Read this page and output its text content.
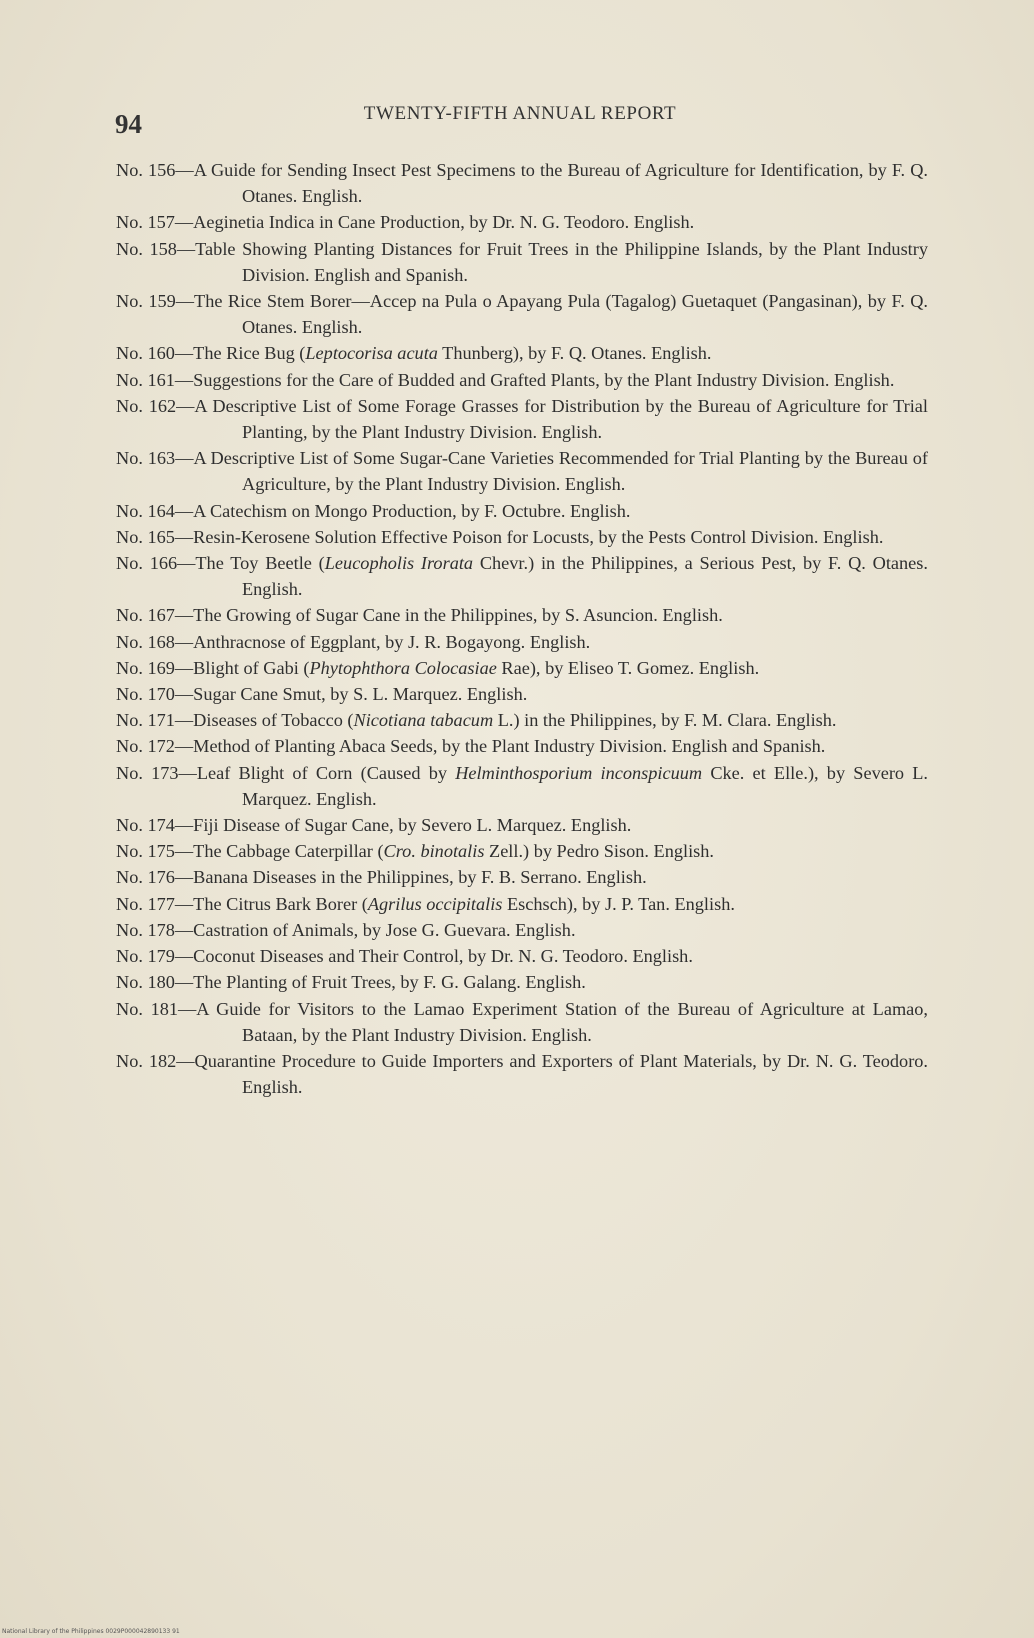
94	TWENTY-FIFTH ANNUAL REPORT

No. 156—A Guide for Sending Insect Pest Specimens to the Bureau of Agriculture for Identification, by F. Q. Otanes. English.

No. 157—Aeginetia Indica in Cane Production, by Dr. N. G. Teodoro. English.

No. 158—Table Showing Planting Distances for Fruit Trees in the Philippine Islands, by the Plant Industry Division. English and Spanish.

No. 159—The Rice Stem Borer—Accep na Pula o Apayang Pula (Tagalog) Guetaquet (Pangasinan), by F. Q. Otanes. English.

No. 160—The Rice Bug (Leptocorisa acuta Thunberg), by F. Q. Otanes. English.

No. 161—Suggestions for the Care of Budded and Grafted Plants, by the Plant Industry Division. English.

No. 162—A Descriptive List of Some Forage Grasses for Distribution by the Bureau of Agriculture for Trial Planting, by the Plant Industry Division. English.

No. 163—A Descriptive List of Some Sugar-Cane Varieties Recommended for Trial Planting by the Bureau of Agriculture, by the Plant Industry Division. English.

No. 164—A Catechism on Mongo Production, by F. Octubre. English.

No. 165—Resin-Kerosene Solution Effective Poison for Locusts, by the Pests Control Division. English.

No. 166—The Toy Beetle (Leucopholis Irorata Chevr.) in the Philippines, a Serious Pest, by F. Q. Otanes. English.

No. 167—The Growing of Sugar Cane in the Philippines, by S. Asuncion. English.

No. 168—Anthracnose of Eggplant, by J. R. Bogayong. English.

No. 169—Blight of Gabi (Phytophthora Colocasiae Rae), by Eliseo T. Gomez. English.

No. 170—Sugar Cane Smut, by S. L. Marquez. English.

No. 171—Diseases of Tobacco (Nicotiana tabacum L.) in the Philippines, by F. M. Clara. English.

No. 172—Method of Planting Abaca Seeds, by the Plant Industry Division. English and Spanish.

No. 173—Leaf Blight of Corn (Caused by Helminthosporium inconspicuum Cke. et Elle.), by Severo L. Marquez. English.

No. 174—Fiji Disease of Sugar Cane, by Severo L. Marquez. English.

No. 175—The Cabbage Caterpillar (Cro. binotalis Zell.) by Pedro Sison. English.

No. 176—Banana Diseases in the Philippines, by F. B. Serrano. English.

No. 177—The Citrus Bark Borer (Agrilus occipitalis Eschsch), by J. P. Tan. English.

No. 178—Castration of Animals, by Jose G. Guevara. English.

No. 179—Coconut Diseases and Their Control, by Dr. N. G. Teodoro. English.

No. 180—The Planting of Fruit Trees, by F. G. Galang. English.

No. 181—A Guide for Visitors to the Lamao Experiment Station of the Bureau of Agriculture at Lamao, Bataan, by the Plant Industry Division. English.

No. 182—Quarantine Procedure to Guide Importers and Exporters of Plant Materials, by Dr. N. G. Teodoro. English.

National Library of the Philippines 0029P000042890133 91
